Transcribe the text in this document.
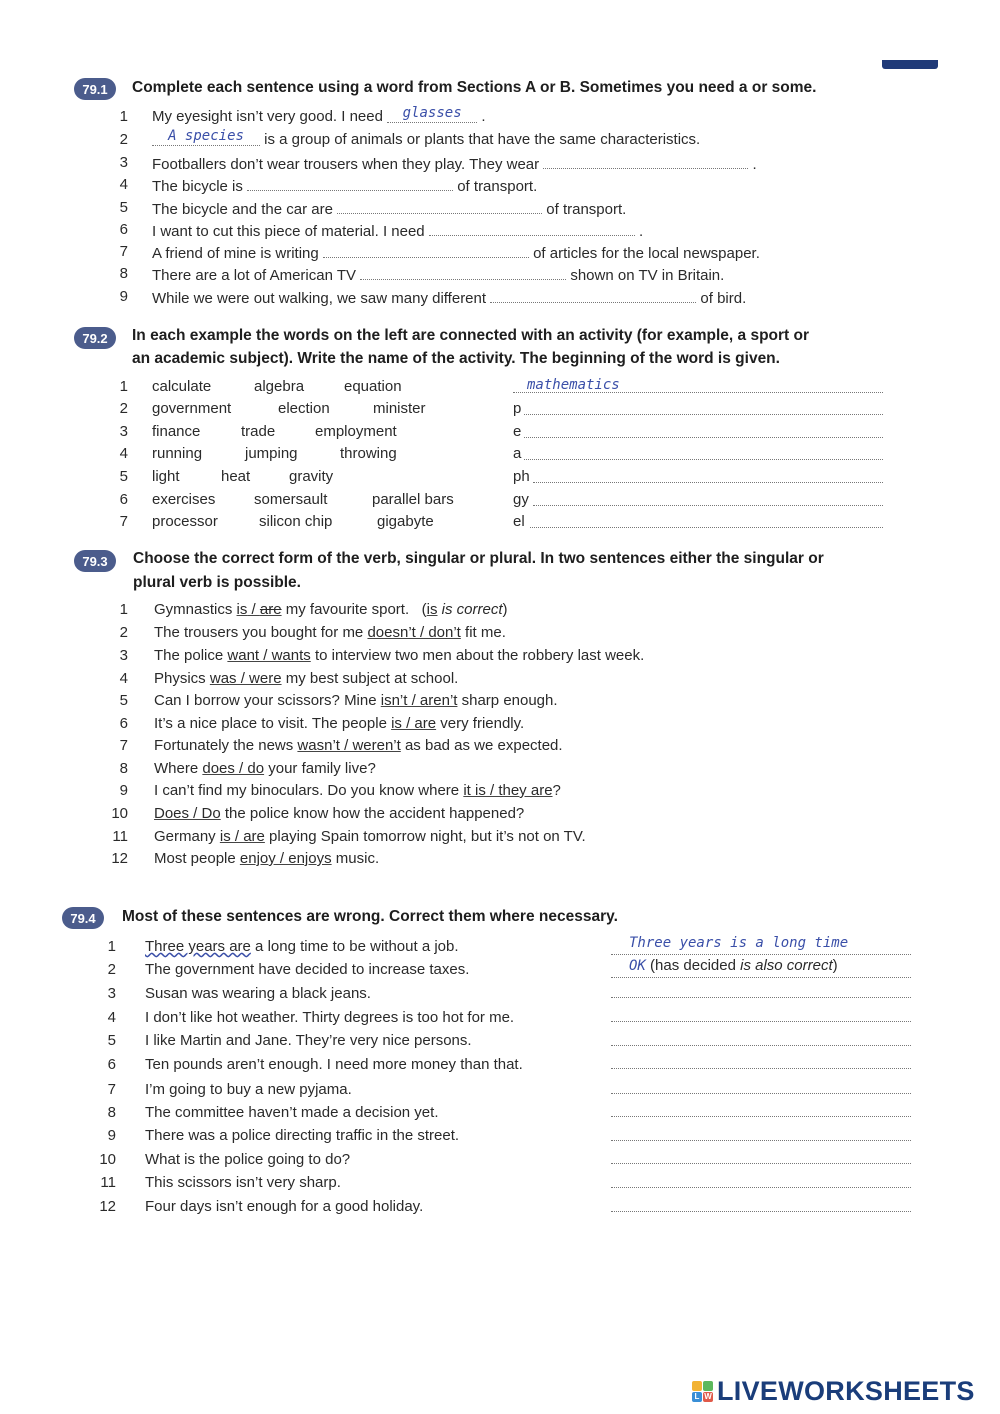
79.1	Complete each sentence using a word from Sections A or B. Sometimes you need a or some.
1 My eyesight isn’t very good. I need glasses .
2	A species is a group of animals or plants that have the same characteristics.
3 Footballers don’t wear trousers when they play. They wear	.
4 The bicycle is	of transport.
5 The bicycle and the car are	of transport.
6 I want to cut this piece of material. I need	.
7 A friend of mine is writing	of articles for the local newspaper.
8 There are a lot of American TV	shown on TV in Britain.
9 While we were out walking, we saw many different	of bird.
79.2	In each example the words on the left are connected with an activity (for example, a sport or
an academic subject). Write the name of the activity. The beginning of the word is given.
1 calculate	algebra	equation	mathematics
2 government	election	minister	p
3 finance	trade	employment	e
4 running	jumping	throwing	a
5 light	heat	gravity	ph
6 exercises	somersault	parallel bars	gy
7 processor	silicon chip	gigabyte	el
79.3	Choose the correct form of the verb, singular or plural. In two sentences either the singular or
plural verb is possible.
1 Gymnastics is / are my favourite sport. (is is correct)
2 The trousers you bought for me doesn’t / don’t fit me.
3 The police want / wants to interview two men about the robbery last week.
4 Physics was / were my best subject at school.
5 Can I borrow your scissors? Mine isn’t / aren’t sharp enough.
6 It’s a nice place to visit. The people is / are very friendly.
7 Fortunately the news wasn’t / weren’t as bad as we expected.
8 Where does / do your family live?
9 I can’t find my binoculars. Do you know where it is / they are?
10 Does / Do the police know how the accident happened?
11 Germany is / are playing Spain tomorrow night, but it’s not on TV.
12 Most people enjoy / enjoys music.
79.4	Most of these sentences are wrong. Correct them where necessary.
1 Three years are a long time to be without a job.	Three years is a long time
2 The government have decided to increase taxes.	OK (has decided is also correct)
3 Susan was wearing a black jeans.
4 I don’t like hot weather. Thirty degrees is too hot for me.
5 I like Martin and Jane. They’re very nice persons.
6 Ten pounds aren’t enough. I need more money than that.
7 I’m going to buy a new pyjama.
8 The committee haven’t made a decision yet.
9 There was a police directing traffic in the street.
10 What is the police going to do?
11 This scissors isn’t very sharp.
12 Four days isn’t enough for a good holiday.
L W LIVEWORKSHEETS
